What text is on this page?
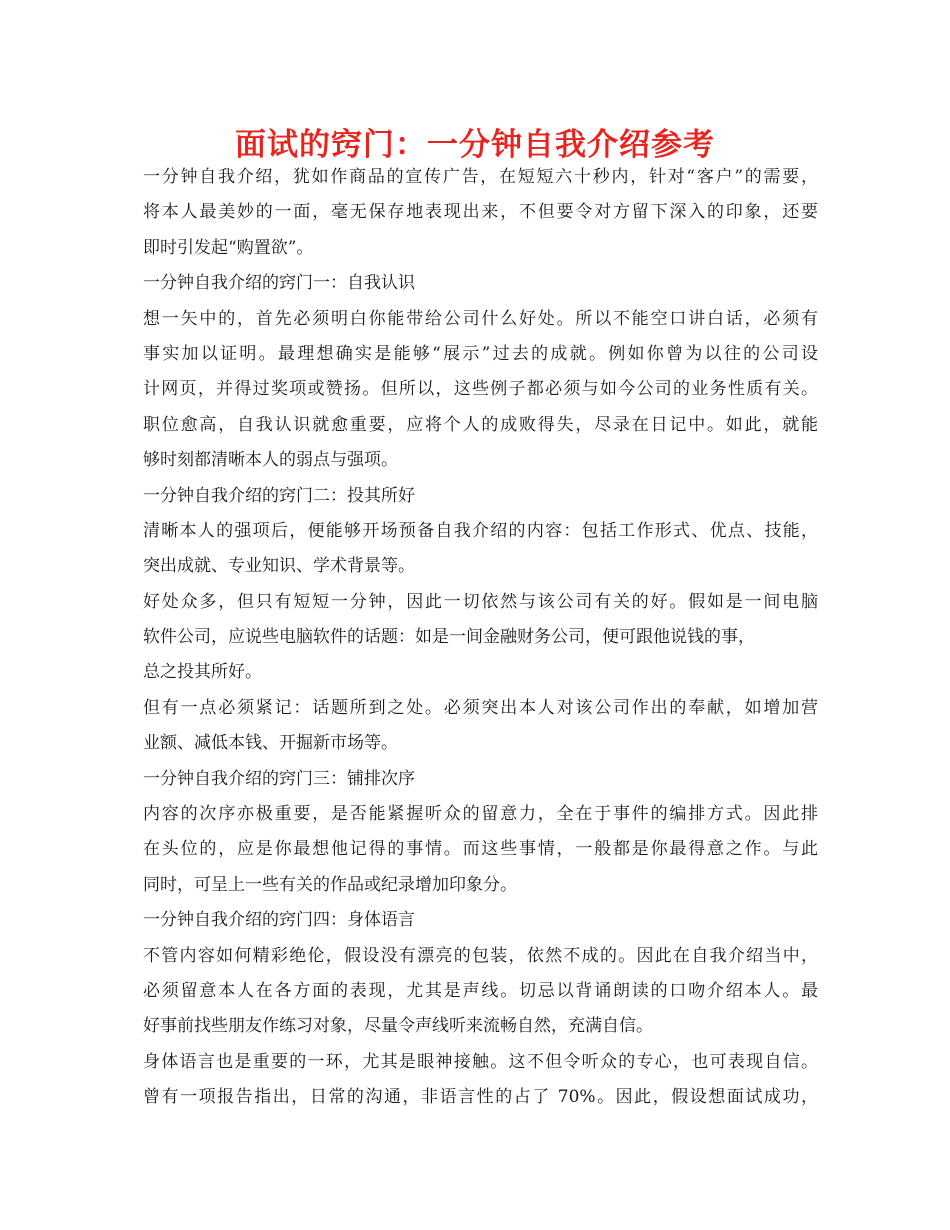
面试的窍门：一分钟自我介绍参考
一分钟自我介绍，犹如作商品的宣传广告，在短短六十秒内，针对“客户”的需要，
将本人最美妙的一面，毫无保存地表现出来，不但要令对方留下深入的印象，还要
即时引发起“购置欲”。
一分钟自我介绍的窍门一：自我认识
想一矢中的，首先必须明白你能带给公司什么好处。所以不能空口讲白话，必须有
事实加以证明。最理想确实是能够“展示”过去的成就。例如你曾为以往的公司设
计网页，并得过奖项或赞扬。但所以，这些例子都必须与如今公司的业务性质有关。
职位愈高，自我认识就愈重要，应将个人的成败得失，尽录在日记中。如此，就能
够时刻都清晰本人的弱点与强项。
一分钟自我介绍的窍门二：投其所好
清晰本人的强项后，便能够开场预备自我介绍的内容：包括工作形式、优点、技能，
突出成就、专业知识、学术背景等。
好处众多，但只有短短一分钟，因此一切依然与该公司有关的好。假如是一间电脑
软件公司，应说些电脑软件的话题：如是一间金融财务公司，便可跟他说钱的事，
总之投其所好。
但有一点必须紧记：话题所到之处。必须突出本人对该公司作出的奉献，如增加营
业额、减低本钱、开掘新市场等。
一分钟自我介绍的窍门三：铺排次序
内容的次序亦极重要，是否能紧握听众的留意力，全在于事件的编排方式。因此排
在头位的，应是你最想他记得的事情。而这些事情，一般都是你最得意之作。与此
同时，可呈上一些有关的作品或纪录增加印象分。
一分钟自我介绍的窍门四：身体语言
不管内容如何精彩绝伦，假设没有漂亮的包装，依然不成的。因此在自我介绍当中，
必须留意本人在各方面的表现，尤其是声线。切忌以背诵朗读的口吻介绍本人。最
好事前找些朋友作练习对象，尽量令声线听来流畅自然，充满自信。
身体语言也是重要的一环，尤其是眼神接触。这不但令听众的专心，也可表现自信。
曾有一项报告指出，日常的沟通，非语言性的占了 70%。因此，假设想面试成功，
